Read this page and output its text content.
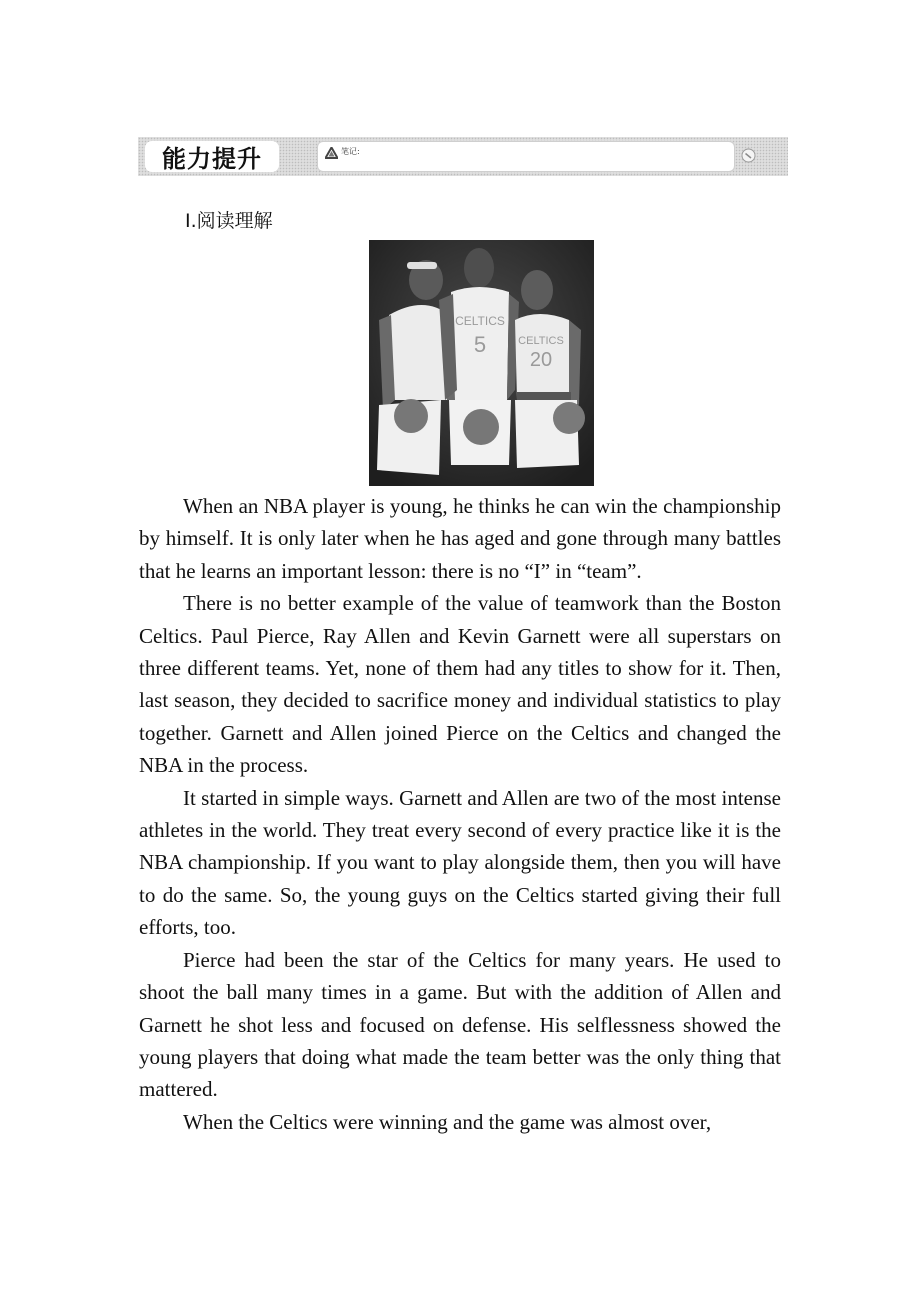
能力提升	笔记:
Ⅰ.阅读理解
CELTICS
5	CELTICS
20

When an NBA player is young, he thinks he can win the championship by himself. It is only later when he has aged and gone through many battles that he learns an important lesson: there is no “I” in “team”.

There is no better example of the value of teamwork than the Boston Celtics. Paul Pierce, Ray Allen and Kevin Garnett were all superstars on three different teams. Yet, none of them had any titles to show for it. Then, last season, they decided to sacrifice money and individual statistics to play together. Garnett and Allen joined Pierce on the Celtics and changed the NBA in the process.

It started in simple ways. Garnett and Allen are two of the most intense athletes in the world. They treat every second of every practice like it is the NBA championship. If you want to play alongside them, then you will have to do the same. So, the young guys on the Celtics started giving their full efforts, too.

Pierce had been the star of the Celtics for many years. He used to shoot the ball many times in a game. But with the addition of Allen and Garnett he shot less and focused on defense. His selflessness showed the young players that doing what made the team better was the only thing that mattered.

When the Celtics were winning and the game was almost over,
